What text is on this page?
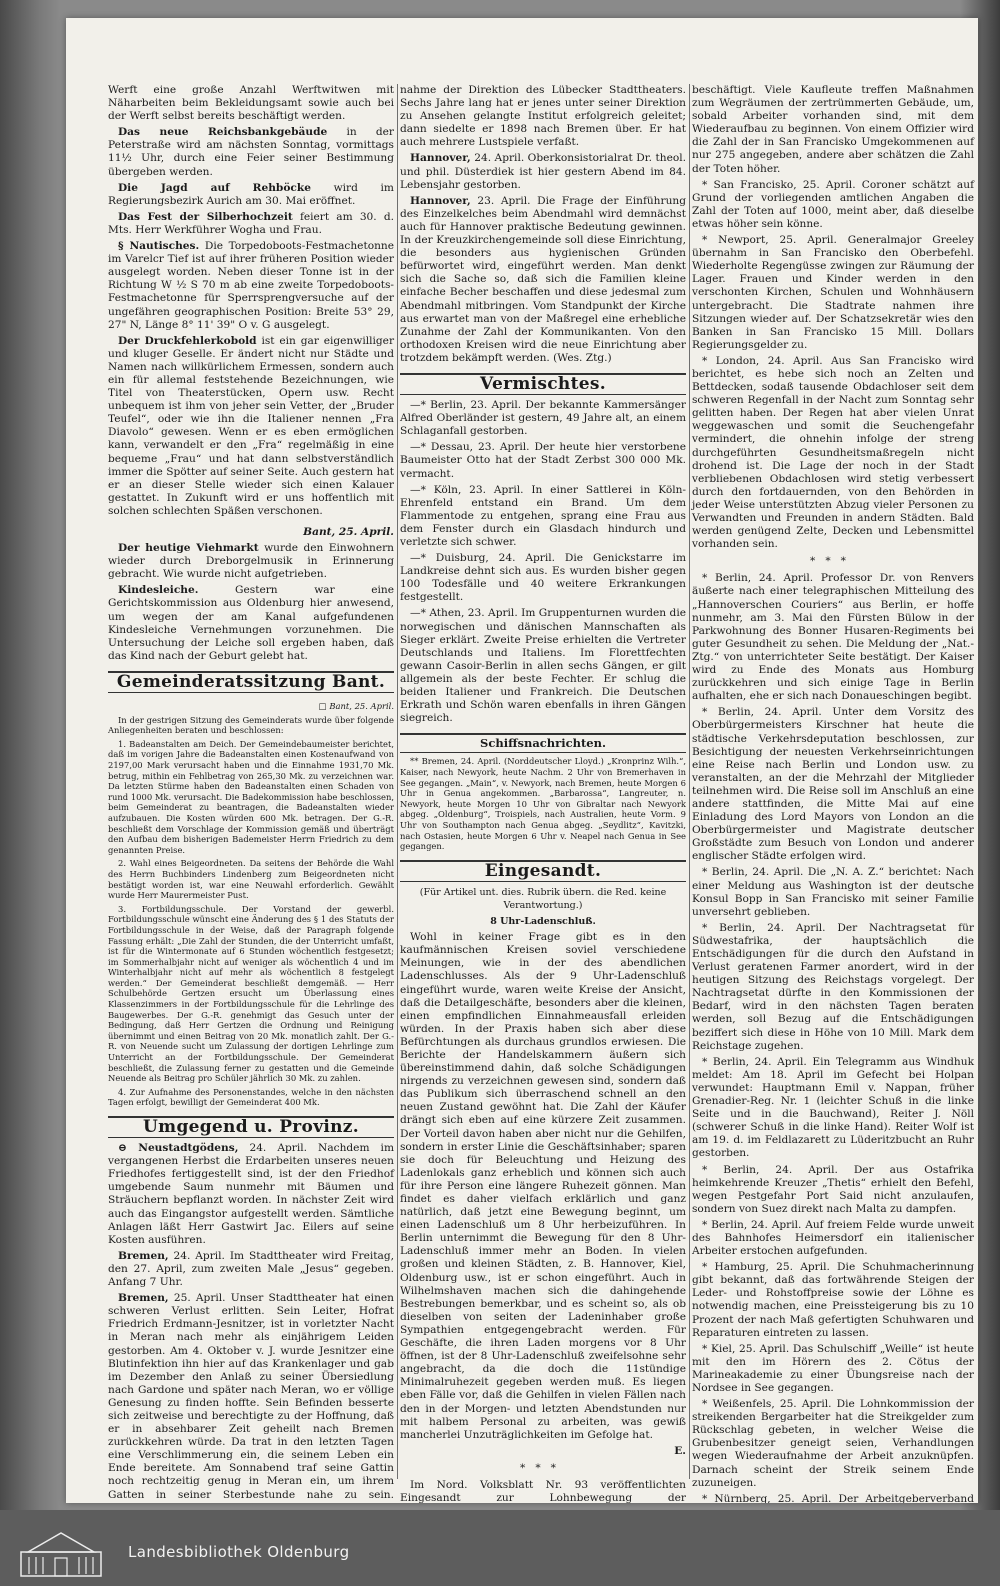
Werft eine große Anzahl Werftwitwen mit Näharbeiten beim Bekleidungsamt sowie auch bei der Werft selbst bereits beschäftigt werden.

Das neue Reichsbankgebäude in der Peterstraße wird am nächsten Sonntag, vormittags 11½ Uhr, durch eine Feier seiner Bestimmung übergeben werden.

Die Jagd auf Rehböcke wird im Regierungsbezirk Aurich am 30. Mai eröffnet.

Das Fest der Silberhochzeit feiert am 30. d. Mts. Herr Werkführer Wogha und Frau.

§ Nautisches. Die Torpedoboots-Festmachetonne im Varelcr Tief ist auf ihrer früheren Position wieder ausgelegt worden. Neben dieser Tonne ist in der Richtung W ½ S 70 m ab eine zweite Torpedoboots-Festmachetonne für Sperrsprengversuche auf der ungefähren geographischen Position: Breite 53° 29, 27" N, Länge 8° 11' 39" O v. G ausgelegt.

Der Druckfehlerkobold ist ein gar eigenwilliger und kluger Geselle. Er ändert nicht nur Städte und Namen nach willkürlichem Ermessen, sondern auch ein für allemal feststehende Bezeichnungen, wie Titel von Theaterstücken, Opern usw. Recht unbequem ist ihm von jeher sein Vetter, der „Bruder Teufel“, oder wie ihn die Italiener nennen „Fra Diavolo“ gewesen. Wenn er es eben ermöglichen kann, verwandelt er den „Fra“ regelmäßig in eine bequeme „Frau“ und hat dann selbstverständlich immer die Spötter auf seiner Seite. Auch gestern hat er an dieser Stelle wieder sich einen Kalauer gestattet. In Zukunft wird er uns hoffentlich mit solchen schlechten Späßen verschonen.

Bant, 25. April.

Der heutige Viehmarkt wurde den Einwohnern wieder durch Dreborgelmusik in Erinnerung gebracht. Wie wurde nicht aufgetrieben.

Kindesleiche.	Gestern war eine Gerichtskommission aus Oldenburg hier anwesend, um wegen der am Kanal aufgefundenen Kindesleiche Vernehmungen vorzunehmen. Die Untersuchung der Leiche soll ergeben haben, daß das Kind nach der Geburt gelebt hat.

Gemeinderatssitzung Bant.
□ Bant, 25. April.

In der gestrigen Sitzung des Gemeinderats wurde über folgende Anliegenheiten beraten und beschlossen:

1. Badeanstalten am Deich. Der Gemeindebaumeister berichtet, daß im vorigen Jahre die Badeanstalten einen Kostenaufwand von 2197,00 Mark verursacht haben und die Einnahme 1931,70 Mk. betrug, mithin ein Fehlbetrag von 265,30 Mk. zu verzeichnen war. Da letzten Stürme haben den Badeanstalten einen Schaden von rund 1000 Mk. verursacht. Die Badekommission habe beschlossen, beim Gemeinderat zu beantragen, die Badeanstalten wieder aufzubauen. Die Kosten würden 600 Mk. betragen. Der G.-R. beschließt dem Vorschlage der Kommission gemäß und überträgt den Aufbau dem bisherigen Bademeister Herrn Friedrich zu dem genannten Preise.

2. Wahl eines Beigeordneten. Da seitens der Behörde die Wahl des Herrn Buchbinders Lindenberg zum Beigeordneten nicht bestätigt worden ist, war eine Neuwahl erforderlich. Gewählt wurde Herr Maurermeister Pust.

3. Fortbildungsschule. Der Vorstand der gewerbl. Fortbildungsschule wünscht eine Änderung des § 1 des Statuts der Fortbildungsschule in der Weise, daß der Paragraph folgende Fassung erhält: „Die Zahl der Stunden, die der Unterricht umfaßt, ist für die Wintermonate auf 6 Stunden wöchentlich festgesetzt; im Sommerhalbjahr nicht auf weniger als wöchentlich 4 und im Winterhalbjahr nicht auf mehr als wöchentlich 8 festgelegt werden.“ Der Gemeinderat beschließt demgemäß. — Herr Schulbehörde Gertzen ersucht um Überlassung eines Klassenzimmers in der Fortbildungsschule für die Lehrlinge des Baugewerbes. Der G.-R. genehmigt das Gesuch unter der Bedingung, daß Herr Gertzen die Ordnung und Reinigung übernimmt und einen Beitrag von 20 Mk. monatlich zahlt. Der G.-R. von Neuende sucht um Zulassung der dortigen Lehrlinge zum Unterricht an der Fortbildungsschule. Der Gemeinderat beschließt, die Zulassung ferner zu gestatten und die Gemeinde Neuende als Beitrag pro Schüler jährlich 30 Mk. zu zahlen.

4. Zur Aufnahme des Personenstandes, welche in den nächsten Tagen erfolgt, bewilligt der Gemeinderat 400 Mk.

Umgegend u. Provinz.

⊖ Neustadtgödens, 24. April. Nachdem im vergangenen Herbst die Erdarbeiten unseres neuen Friedhofes fertiggestellt sind, ist der den Friedhof umgebende Saum nunmehr mit Bäumen und Sträuchern bepflanzt worden. In nächster Zeit wird auch das Eingangstor aufgestellt werden. Sämtliche Anlagen läßt Herr Gastwirt Jac. Eilers auf seine Kosten ausführen.

Bremen, 24. April. Im Stadttheater wird Freitag, den 27. April, zum zweiten Male „Jesus“ gegeben. Anfang 7 Uhr.

Bremen, 25. April. Unser Stadttheater hat einen schweren Verlust erlitten. Sein Leiter, Hofrat Friedrich Erdmann-Jesnitzer, ist in vorletzter Nacht in Meran nach mehr als einjährigem Leiden gestorben. Am 4. Oktober v. J. wurde Jesnitzer eine Blutinfektion ihn hier auf das Krankenlager und gab im Dezember den Anlaß zu seiner Übersiedlung nach Gardone und später nach Meran, wo er völlige Genesung zu finden hoffte. Sein Befinden besserte sich zeitweise und berechtigte zu der Hoffnung, daß er in absehbarer Zeit geheilt nach Bremen zurückkehren würde. Da trat in den letzten Tagen eine Verschlimmerung ein, die seinem Leben ein Ende bereitete. Am Sonnabend traf seine Gattin noch rechtzeitig genug in Meran ein, um ihrem Gatten in seiner Sterbestunde nahe zu sein.

nahme der Direktion des Lübecker Stadttheaters. Sechs Jahre lang hat er jenes unter seiner Direktion zu Ansehen gelangte Institut erfolgreich geleitet; dann siedelte er 1898 nach Bremen über. Er hat auch mehrere Lustspiele verfaßt.

Hannover, 24. April. Oberkonsistorialrat Dr. theol. und phil. Düsterdiek ist hier gestern Abend im 84. Lebensjahr gestorben.

Hannover, 23. April. Die Frage der Einführung des Einzelkelches beim Abendmahl wird demnächst auch für Hannover praktische Bedeutung gewinnen. In der Kreuzkirchengemeinde soll diese Einrichtung, die besonders aus hygienischen Gründen befürwortet wird, eingeführt werden. Man denkt sich die Sache so, daß sich die Familien kleine einfache Becher beschaffen und diese jedesmal zum Abendmahl mitbringen. Vom Standpunkt der Kirche aus erwartet man von der Maßregel eine erhebliche Zunahme der Zahl der Kommunikanten. Von den orthodoxen Kreisen wird die neue Einrichtung aber trotzdem bekämpft werden. (Wes. Ztg.)

Vermischtes.

—* Berlin, 23. April. Der bekannte Kammersänger Alfred Oberländer ist gestern, 49 Jahre alt, an einem Schlaganfall gestorben.

—* Dessau, 23. April. Der heute hier verstorbene Baumeister Otto hat der Stadt Zerbst 300 000 Mk. vermacht.

—* Köln, 23. April. In einer Sattlerei in Köln-Ehrenfeld entstand ein Brand. Um dem Flammentode zu entgehen, sprang eine Frau aus dem Fenster durch ein Glasdach hindurch und verletzte sich schwer.

—* Duisburg, 24. April. Die Genickstarre im Landkreise dehnt sich aus. Es wurden bisher gegen 100 Todesfälle und 40 weitere Erkrankungen festgestellt.

—* Athen, 23. April. Im Gruppenturnen wurden die norwegischen und dänischen Mannschaften als Sieger erklärt. Zweite Preise erhielten die Vertreter Deutschlands und Italiens. Im Florettfechten gewann Casoir-Berlin in allen sechs Gängen, er gilt allgemein als der beste Fechter. Er schlug die beiden Italiener und Frankreich. Die Deutschen Erkrath und Schön waren ebenfalls in ihren Gängen siegreich.

Schiffsnachrichten.

** Bremen, 24. April. (Norddeutscher Lloyd.) „Kronprinz Wilh.“, Kaiser, nach Newyork, heute Nachm. 2 Uhr von Bremerhaven in See gegangen. „Main“, v. Newyork, nach Bremen, heute Morgen 6 Uhr in Genua angekommen. „Barbarossa“, Langreuter, n. Newyork, heute Morgen 10 Uhr von Gibraltar nach Newyork abgeg. „Oldenburg“, Troispiels, nach Australien, heute Vorm. 9 Uhr von Southampton nach Genua abgeg. „Seydlitz“, Kavitzki, nach Ostasien, heute Morgen 6 Uhr v. Neapel nach Genua in See gegangen.

Eingesandt.
(Für Artikel unt. dies. Rubrik übern. die Red. keine Verantwortung.)
8 Uhr-Ladenschluß.

Wohl in keiner Frage gibt es in den kaufmännischen Kreisen soviel verschiedene Meinungen, wie in der des abendlichen Ladenschlusses. Als der 9 Uhr-Ladenschluß eingeführt wurde, waren weite Kreise der Ansicht, daß die Detailgeschäfte, besonders aber die kleinen, einen empfindlichen Einnahmeausfall erleiden würden. In der Praxis haben sich aber diese Befürchtungen als durchaus grundlos erwiesen. Die Berichte der Handelskammern äußern sich übereinstimmend dahin, daß solche Schädigungen nirgends zu verzeichnen gewesen sind, sondern daß das Publikum sich überraschend schnell an den neuen Zustand gewöhnt hat. Die Zahl der Käufer drängt sich eben auf eine kürzere Zeit zusammen. Der Vorteil davon haben aber nicht nur die Gehilfen, sondern in erster Linie die Geschäftsinhaber; sparen sie doch für Beleuchtung und Heizung des Ladenlokals ganz erheblich und können sich auch für ihre Person eine längere Ruhezeit gönnen. Man findet es daher vielfach erklärlich und ganz natürlich, daß jetzt eine Bewegung beginnt, um einen Ladenschluß um 8 Uhr herbeizuführen. In Berlin unternimmt die Bewegung für den 8 Uhr-Ladenschluß immer mehr an Boden. In vielen großen und kleinen Städten, z. B. Hannover, Kiel, Oldenburg usw., ist er schon eingeführt. Auch in Wilhelmshaven machen sich die dahingehende Bestrebungen bemerkbar, und es scheint so, als ob dieselben von seiten der Ladeninhaber große Sympathien entgegengebracht werden. Für Geschäfte, die ihren Laden morgens vor 8 Uhr öffnen, ist der 8 Uhr-Ladenschluß zweifelsohne sehr angebracht, da die doch die 11stündige Minimalruhezeit gegeben werden muß. Es liegen eben Fälle vor, daß die Gehilfen in vielen Fällen nach den in der Morgen- und letzten Abendstunden nur mit halbem Personal zu arbeiten, was gewiß mancherlei Unzuträglichkeiten im Gefolge hat.

E.
***

Im Nord. Volksblatt Nr. 93 veröffentlichten Eingesandt zur Lohnbewegung der

beschäftigt. Viele Kaufleute treffen Maßnahmen zum Wegräumen der zertrümmerten Gebäude, um, sobald Arbeiter vorhanden sind, mit dem Wiederaufbau zu beginnen. Von einem Offizier wird die Zahl der in San Francisko Umgekommenen auf nur 275 angegeben, andere aber schätzen die Zahl der Toten höher.

* San Francisko, 25. April. Coroner schätzt auf Grund der vorliegenden amtlichen Angaben die Zahl der Toten auf 1000, meint aber, daß dieselbe etwas höher sein könne.

* Newport, 25. April. Generalmajor Greeley übernahm in San Francisko den Oberbefehl. Wiederholte Regengüsse zwingen zur Räumung der Lager. Frauen und Kinder werden in den verschonten Kirchen, Schulen und Wohnhäusern untergebracht. Die Stadtrate nahmen ihre Sitzungen wieder auf. Der Schatzsekretär wies den Banken in San Francisko 15 Mill. Dollars Regierungsgelder zu.

* London, 24. April. Aus San Francisko wird berichtet, es hebe sich noch an Zelten und Bettdecken, sodaß tausende Obdachloser seit dem schweren Regenfall in der Nacht zum Sonntag sehr gelitten haben. Der Regen hat aber vielen Unrat weggewaschen und somit die Seuchengefahr vermindert, die ohnehin infolge der streng durchgeführten Gesundheitsmaßregeln nicht drohend ist. Die Lage der noch in der Stadt verbliebenen Obdachlosen wird stetig verbessert durch den fortdauernden, von den Behörden in jeder Weise unterstützten Abzug vieler Personen zu Verwandten und Freunden in andern Städten. Bald werden genügend Zelte, Decken und Lebensmittel vorhanden sein.

***

* Berlin, 24. April. Professor Dr. von Renvers äußerte nach einer telegraphischen Mitteilung des „Hannoverschen Couriers“ aus Berlin, er hoffe nunmehr, am 3. Mai den Fürsten Bülow in der Parkwohnung des Bonner Husaren-Regiments bei guter Gesundheit zu sehen. Die Meldung der „Nat.-Ztg.“ von unterrichteter Seite bestätigt. Der Kaiser wird zu Ende des Monats aus Homburg zurückkehren und sich einige Tage in Berlin aufhalten, ehe er sich nach Donaueschingen begibt.

* Berlin, 24. April. Unter dem Vorsitz des Oberbürgermeisters Kirschner hat heute die städtische Verkehrsdeputation beschlossen, zur Besichtigung der neuesten Verkehrseinrichtungen eine Reise nach Berlin und London usw. zu veranstalten, an der die Mehrzahl der Mitglieder teilnehmen wird. Die Reise soll im Anschluß an eine andere stattfinden, die Mitte Mai auf eine Einladung des Lord Mayors von London an die Oberbürgermeister und Magistrate deutscher Großstädte zum Besuch von London und anderer englischer Städte erfolgen wird.

* Berlin, 24. April. Die „N. A. Z.“ berichtet: Nach einer Meldung aus Washington ist der deutsche Konsul Bopp in San Francisko mit seiner Familie unversehrt geblieben.

* Berlin, 24. April. Der Nachtragsetat für Südwestafrika, der hauptsächlich die Entschädigungen für die durch den Aufstand in Verlust geratenen Farmer anordert, wird in der heutigen Sitzung des Reichstags vorgelegt. Der Nachtragsetat dürfte in den Kommissionen der Bedarf, wird in den nächsten Tagen beraten werden, soll Bezug auf die Entschädigungen beziffert sich diese in Höhe von 10 Mill. Mark dem Reichstage zugehen.

* Berlin, 24. April. Ein Telegramm aus Windhuk meldet: Am 18. April im Gefecht bei Holpan verwundet: Hauptmann Emil v. Nappan, früher Grenadier-Reg. Nr. 1 (leichter Schuß in die linke Seite und in die Bauchwand), Reiter J. Nöll (schwerer Schuß in die linke Hand). Reiter Wolf ist am 19. d. im Feldlazarett zu Lüderitzbucht an Ruhr gestorben.

* Berlin, 24. April. Der aus Ostafrika heimkehrende Kreuzer „Thetis“ erhielt den Befehl, wegen Pestgefahr Port Said nicht anzulaufen, sondern von Suez direkt nach Malta zu dampfen.

* Berlin, 24. April. Auf freiem Felde wurde unweit des Bahnhofes Heimersdorf ein italienischer Arbeiter erstochen aufgefunden.

* Hamburg, 25. April. Die Schuhmacherinnung gibt bekannt, daß das fortwährende Steigen der Leder- und Rohstoffpreise sowie der Löhne es notwendig machen, eine Preissteigerung bis zu 10 Prozent der nach Maß gefertigten Schuhwaren und Reparaturen eintreten zu lassen.

* Kiel, 25. April. Das Schulschiff „Weille“ ist heute mit den im Hörern des 2. Cötus der Marineakademie zu einer Übungsreise nach der Nordsee in See gegangen.

* Weißenfels, 25. April. Die Lohnkommission der streikenden Bergarbeiter hat die Streikgelder zum Rückschlag gebeten, in welcher Weise die Grubenbesitzer geneigt seien, Verhandlungen wegen Wiederaufnahme der Arbeit anzuknüpfen. Darnach scheint der Streik seinem Ende zuzuneigen.

* Nürnberg, 25. April. Der Arbeitgeberverband

Landesbibliothek Oldenburg
